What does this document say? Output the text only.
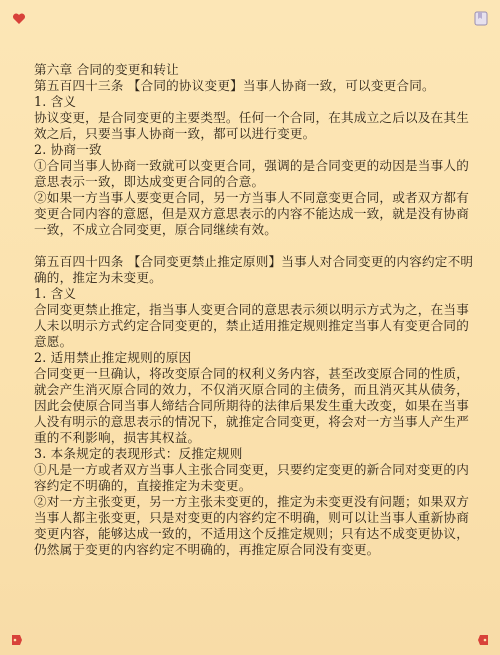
第六章 合同的变更和转让
第五百四十三条 【合同的协议变更】当事人协商一致，可以变更合同。
1. 含义
协议变更，是合同变更的主要类型。任何一个合同，在其成立之后以及在其生效之后，只要当事人协商一致，都可以进行变更。
2. 协商一致
①合同当事人协商一致就可以变更合同，强调的是合同变更的动因是当事人的意思表示一致，即达成变更合同的合意。
②如果一方当事人要变更合同，另一方当事人不同意变更合同，或者双方都有变更合同内容的意愿，但是双方意思表示的内容不能达成一致，就是没有协商一致，不成立合同变更，原合同继续有效。
第五百四十四条 【合同变更禁止推定原则】当事人对合同变更的内容约定不明确的，推定为未变更。
1. 含义
合同变更禁止推定，指当事人变更合同的意思表示须以明示方式为之，在当事人未以明示方式约定合同变更的，禁止适用推定规则推定当事人有变更合同的意愿。
2. 适用禁止推定规则的原因
合同变更一旦确认，将改变原合同的权利义务内容，甚至改变原合同的性质，就会产生消灭原合同的效力，不仅消灭原合同的主债务，而且消灭其从债务，因此会使原合同当事人缔结合同所期待的法律后果发生重大改变，如果在当事人没有明示的意思表示的情况下，就推定合同变更，将会对一方当事人产生严重的不利影响，损害其权益。
3. 本条规定的表现形式：反推定规则
①凡是一方或者双方当事人主张合同变更，只要约定变更的新合同对变更的内容约定不明确的，直接推定为未变更。
②对一方主张变更，另一方主张未变更的，推定为未变更没有问题；如果双方当事人都主张变更，只是对变更的内容约定不明确，则可以让当事人重新协商变更内容，能够达成一致的，不适用这个反推定规则；只有达不成变更协议，仍然属于变更的内容约定不明确的，再推定原合同没有变更。
